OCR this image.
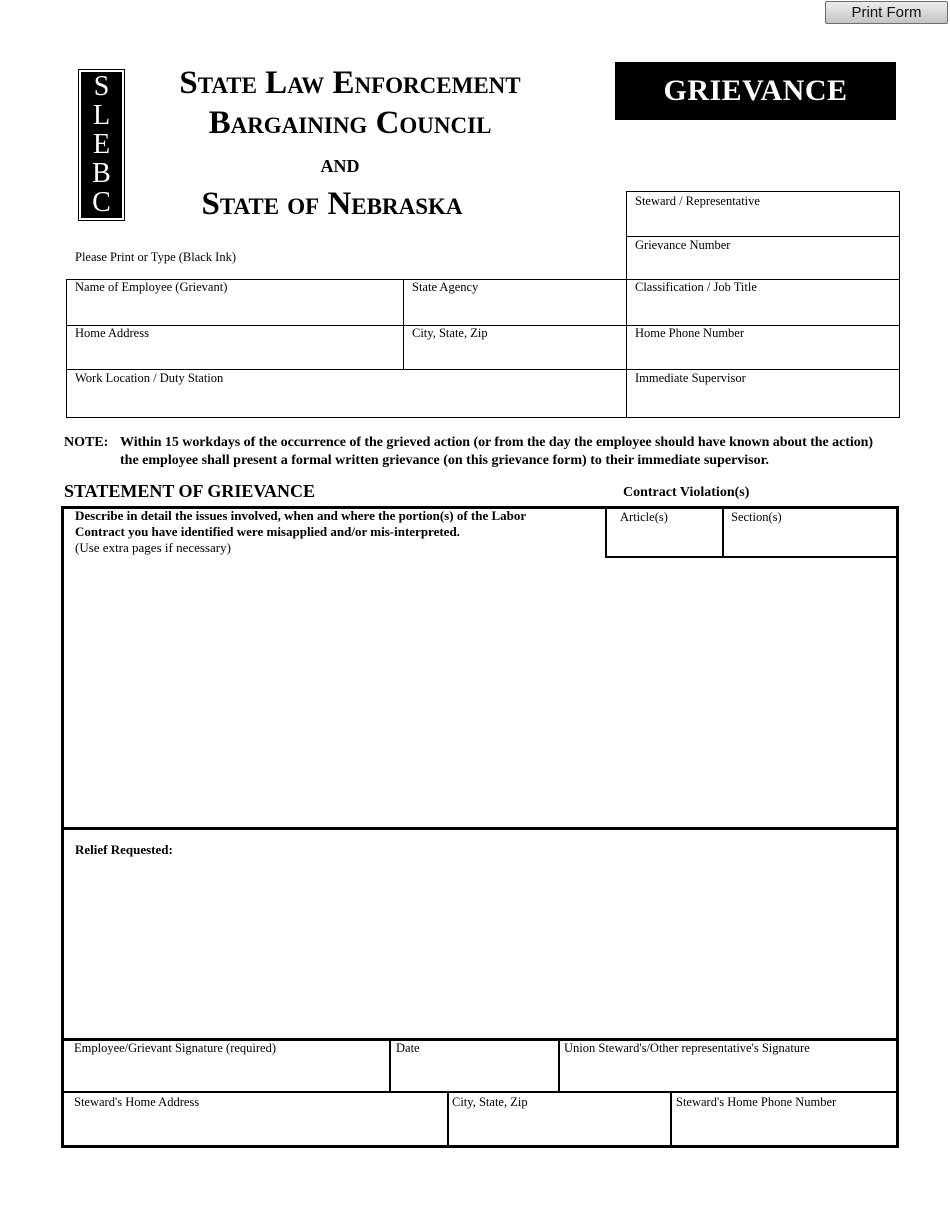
Print Form
S
L
E
B
C
State Law Enforcement
Bargaining Council
and
State of Nebraska
GRIEVANCE FORM
Please Print or Type (Black Ink)
Steward / Representative
Grievance Number
Name of Employee (Grievant)	State Agency	Classification / Job Title
Home Address	City, State, Zip	Home Phone Number
Work Location / Duty Station	Immediate Supervisor
NOTE: Within 15 workdays of the occurrence of the grieved action (or from the day the employee should have known about the action)
the employee shall present a formal written grievance (on this grievance form) to their immediate supervisor.
STATEMENT OF GRIEVANCE	Contract Violation(s)
Describe in detail the issues involved, when and where the portion(s) of the Labor
Contract you have identified were misapplied and/or mis-interpreted.
(Use extra pages if necessary)
Article(s)	Section(s)
Relief Requested:
Employee/Grievant Signature (required)	Date	Union Steward's/Other representative's Signature
Steward's Home Address	City, State, Zip	Steward's Home Phone Number
